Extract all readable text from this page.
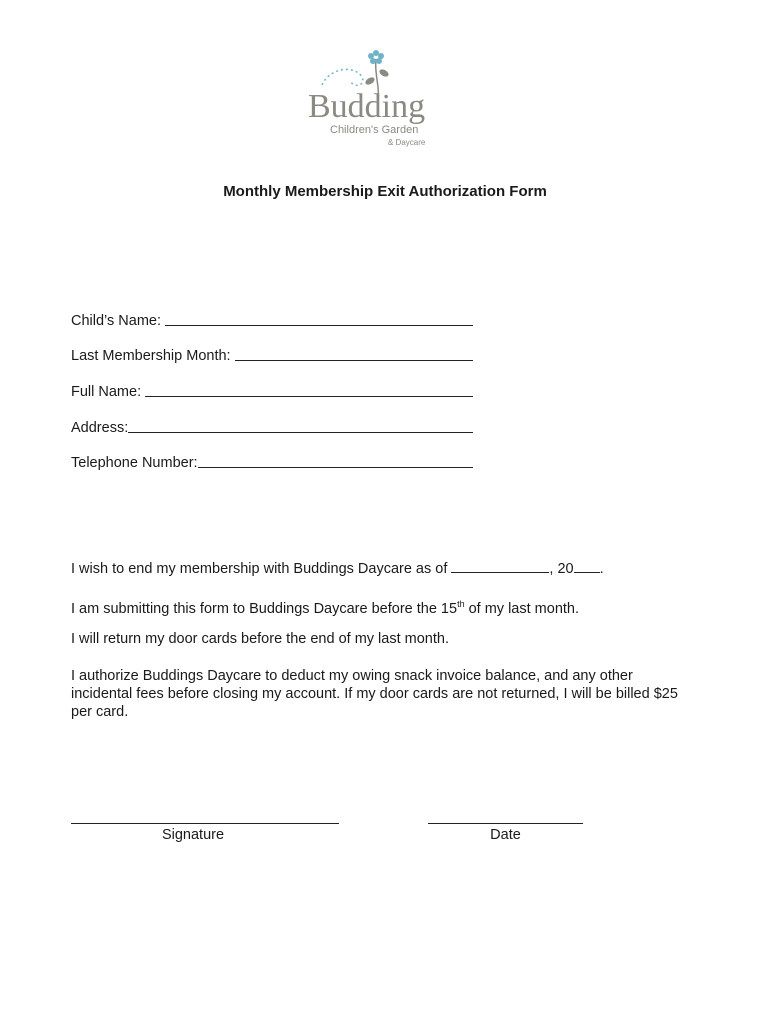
Budding
Children's Garden
& Daycare
Monthly Membership Exit Authorization Form
Child’s Name:
Last Membership Month:
Full Name:
Address:
Telephone Number:
I wish to end my membership with Buddings Daycare as of	, 20 .
I am submitting this form to Buddings Daycare before the 15th of my last month.
I will return my door cards before the end of my last month.
I authorize Buddings Daycare to deduct my owing snack invoice balance, and any other incidental fees before closing my account. If my door cards are not returned, I will be billed $25 per card.
Signature	Date
